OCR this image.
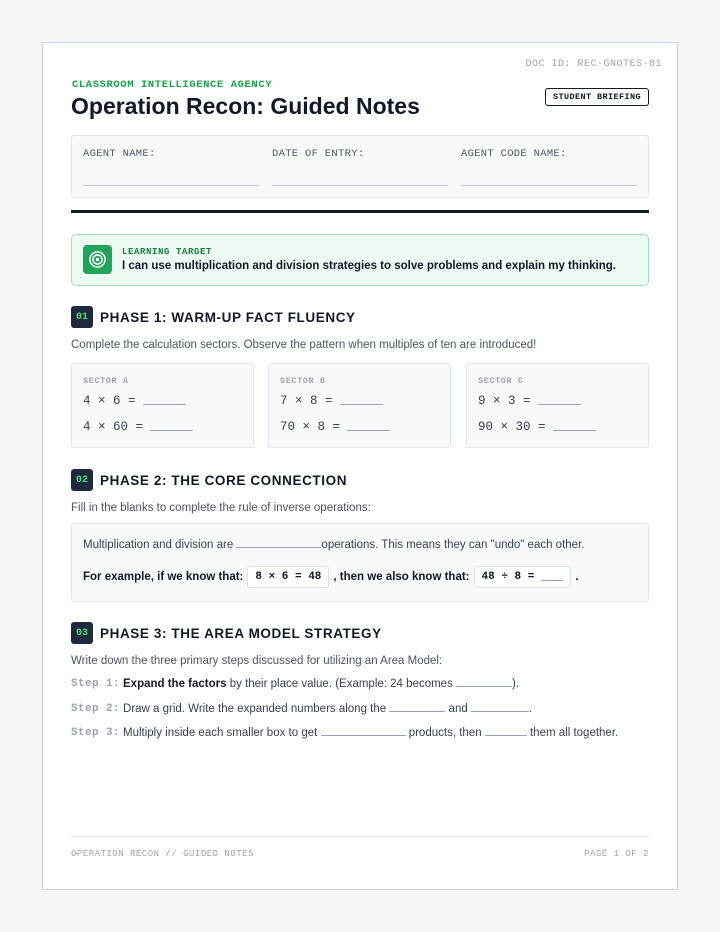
DOC ID: REC-GNOTES-01
CLASSROOM INTELLIGENCE AGENCY
Operation Recon: Guided Notes	STUDENT BRIEFING
AGENT NAME:	DATE OF ENTRY:	AGENT CODE NAME:
LEARNING TARGET
I can use multiplication and division strategies to solve problems and explain my thinking.
01 PHASE 1: WARM-UP FACT FLUENCY
Complete the calculation sectors. Observe the pattern when multiples of ten are introduced!
SECTOR A
4 × 6 =
4 × 60 =
SECTOR B
7 × 8 =
70 × 8 =
SECTOR C
9 × 3 =
90 × 30 =
02 PHASE 2: THE CORE CONNECTION
Fill in the blanks to complete the rule of inverse operations:
Multiplication and division are	operations. This means they can "undo" each other.
For example, if we know that:	8 × 6 = 48	, then we also know that: 48 ÷ 8 =	.
03 PHASE 3: THE AREA MODEL STRATEGY
Write down the three primary steps discussed for utilizing an Area Model:
Step 1: Expand the factors by their place value. (Example: 24 becomes	).
Step 2: Draw a grid. Write the expanded numbers along the	and	.
Step 3: Multiply inside each smaller box to get	products, then	them all together.
OPERATION RECON // GUIDED NOTES	PAGE 1 OF 2
